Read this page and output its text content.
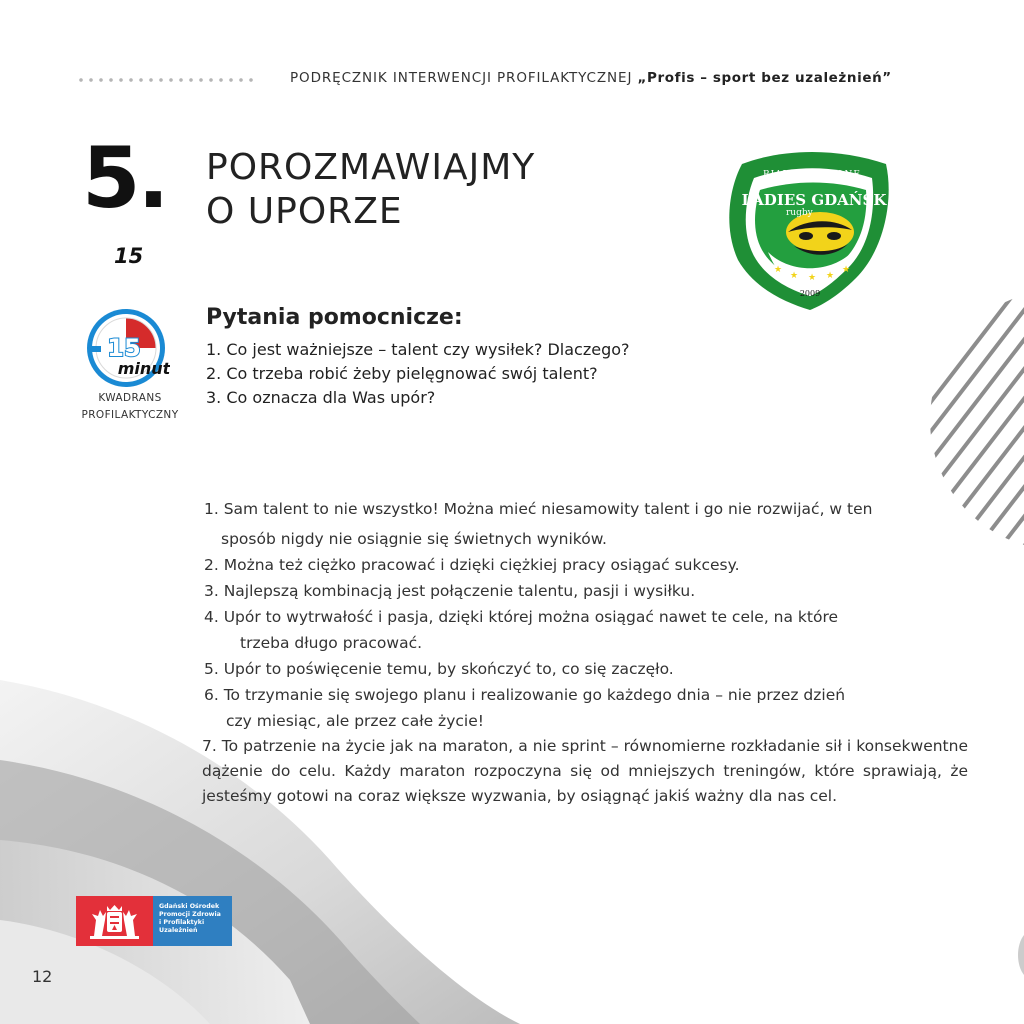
PODRĘCZNIK INTERWENCJI PROFILAKTYCZNEJ „Profis – sport bez uzależnień”
5.
15
POROZMAWIAJMY
O UPORZE
BIAŁO - ZIELONE
LADIES GDAŃSK
rugby
★
★ ★ ★
★
2009
15
minut
KWADRANS
PROFILAKTYCZNY
Pytania pomocnicze:
1. Co jest ważniejsze – talent czy wysiłek? Dlaczego?
2. Co trzeba robić żeby pielęgnować swój talent?
3. Co oznacza dla Was upór?

1. Sam talent to nie wszystko! Można mieć niesamowity talent i go nie rozwijać, w ten

sposób nigdy nie osiągnie się świetnych wyników.

2. Można też ciężko pracować i dzięki ciężkiej pracy osiągać sukcesy.

3. Najlepszą kombinacją jest połączenie talentu, pasji i wysiłku.

4. Upór to wytrwałość i pasja, dzięki której można osiągać nawet te cele, na które

trzeba długo pracować.

5. Upór to poświęcenie temu, by skończyć to, co się zaczęło.

6. To trzymanie się swojego planu i realizowanie go każdego dnia – nie przez dzień

czy miesiąc, ale przez całe życie!

7. To patrzenie na życie jak na maraton, a nie sprint – równomierne rozkładanie sił i konsekwentne dążenie do celu. Każdy maraton rozpoczyna się od mniejszych treningów, które sprawiają, że jesteśmy gotowi na coraz większe wyzwania, by osiągnąć jakiś ważny dla nas cel.

Gdański Ośrodek
Promocji Zdrowia
i Profilaktyki
Uzależnień
12
